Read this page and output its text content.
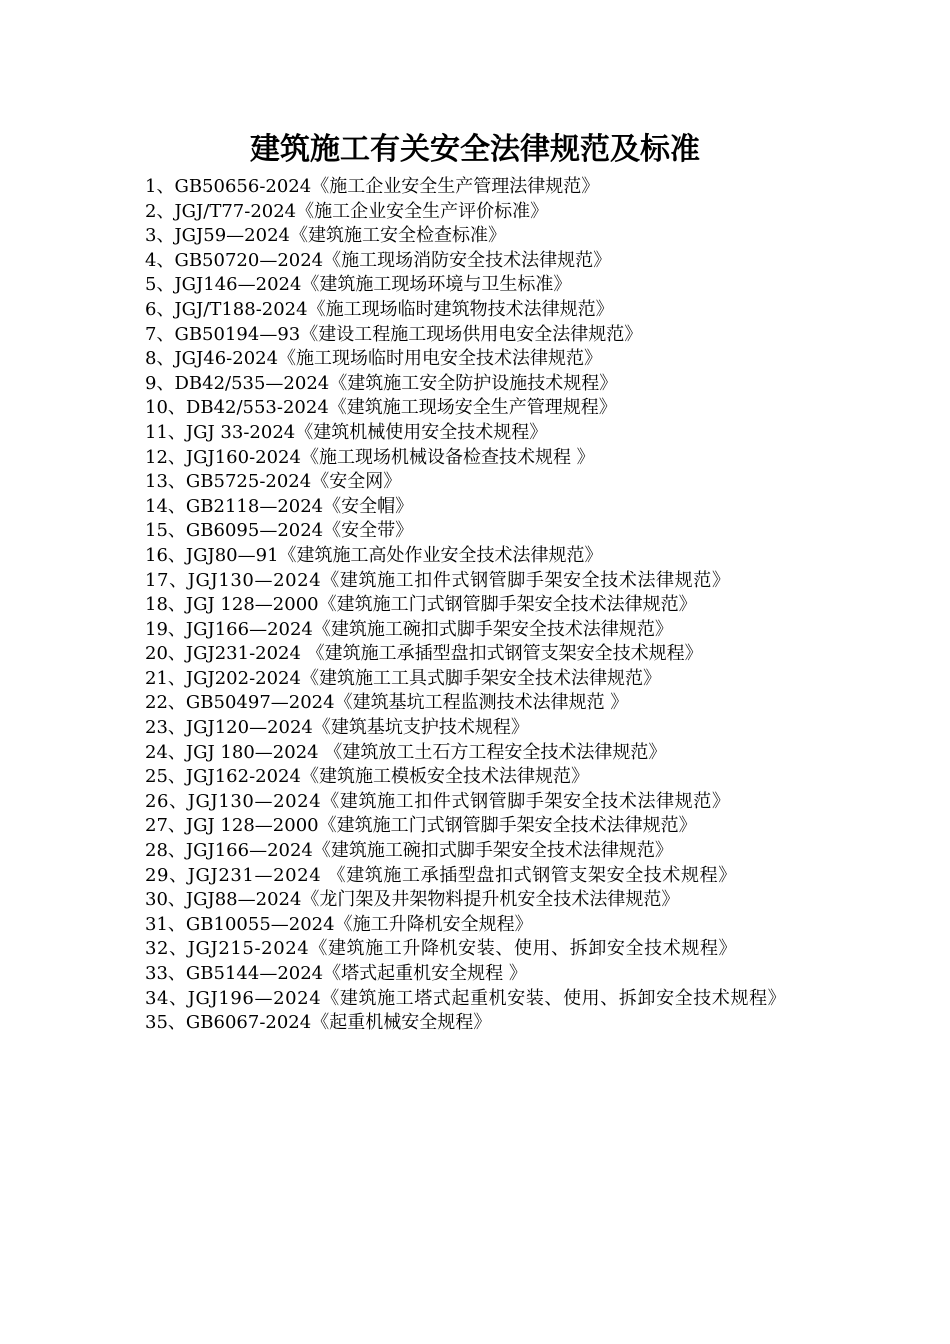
建筑施工有关安全法律规范及标准
1、GB50656-2024《施工企业安全生产管理法律规范》
2、JGJ/T77-2024《施工企业安全生产评价标准》
3、JGJ59—2024《建筑施工安全检查标准》
4、GB50720—2024《施工现场消防安全技术法律规范》
5、JGJ146—2024《建筑施工现场环境与卫生标准》
6、JGJ/T188-2024《施工现场临时建筑物技术法律规范》
7、GB50194—93《建设工程施工现场供用电安全法律规范》
8、JGJ46-2024《施工现场临时用电安全技术法律规范》
9、DB42/535—2024《建筑施工安全防护设施技术规程》
10、DB42/553-2024《建筑施工现场安全生产管理规程》
11、JGJ 33-2024《建筑机械使用安全技术规程》
12、JGJ160-2024《施工现场机械设备检查技术规程 》
13、GB5725-2024《安全网》
14、GB2118—2024《安全帽》
15、GB6095—2024《安全带》
16、JGJ80—91《建筑施工高处作业安全技术法律规范》
17、JGJ130—2024《建筑施工扣件式钢管脚手架安全技术法律规范》
18、JGJ 128—2000《建筑施工门式钢管脚手架安全技术法律规范》
19、JGJ166—2024《建筑施工碗扣式脚手架安全技术法律规范》
20、JGJ231-2024 《建筑施工承插型盘扣式钢管支架安全技术规程》
21、JGJ202-2024《建筑施工工具式脚手架安全技术法律规范》
22、GB50497—2024《建筑基坑工程监测技术法律规范 》
23、JGJ120—2024《建筑基坑支护技术规程》
24、JGJ 180—2024 《建筑放工土石方工程安全技术法律规范》
25、JGJ162-2024《建筑施工模板安全技术法律规范》
26、JGJ130—2024《建筑施工扣件式钢管脚手架安全技术法律规范》
27、JGJ 128—2000《建筑施工门式钢管脚手架安全技术法律规范》
28、JGJ166—2024《建筑施工碗扣式脚手架安全技术法律规范》
29、JGJ231—2024 《建筑施工承插型盘扣式钢管支架安全技术规程》
30、JGJ88—2024《龙门架及井架物料提升机安全技术法律规范》
31、GB10055—2024《施工升降机安全规程》
32、JGJ215-2024《建筑施工升降机安装、使用、拆卸安全技术规程》
33、GB5144—2024《塔式起重机安全规程 》
34、JGJ196—2024《建筑施工塔式起重机安装、使用、拆卸安全技术规程》
35、GB6067-2024《起重机械安全规程》
